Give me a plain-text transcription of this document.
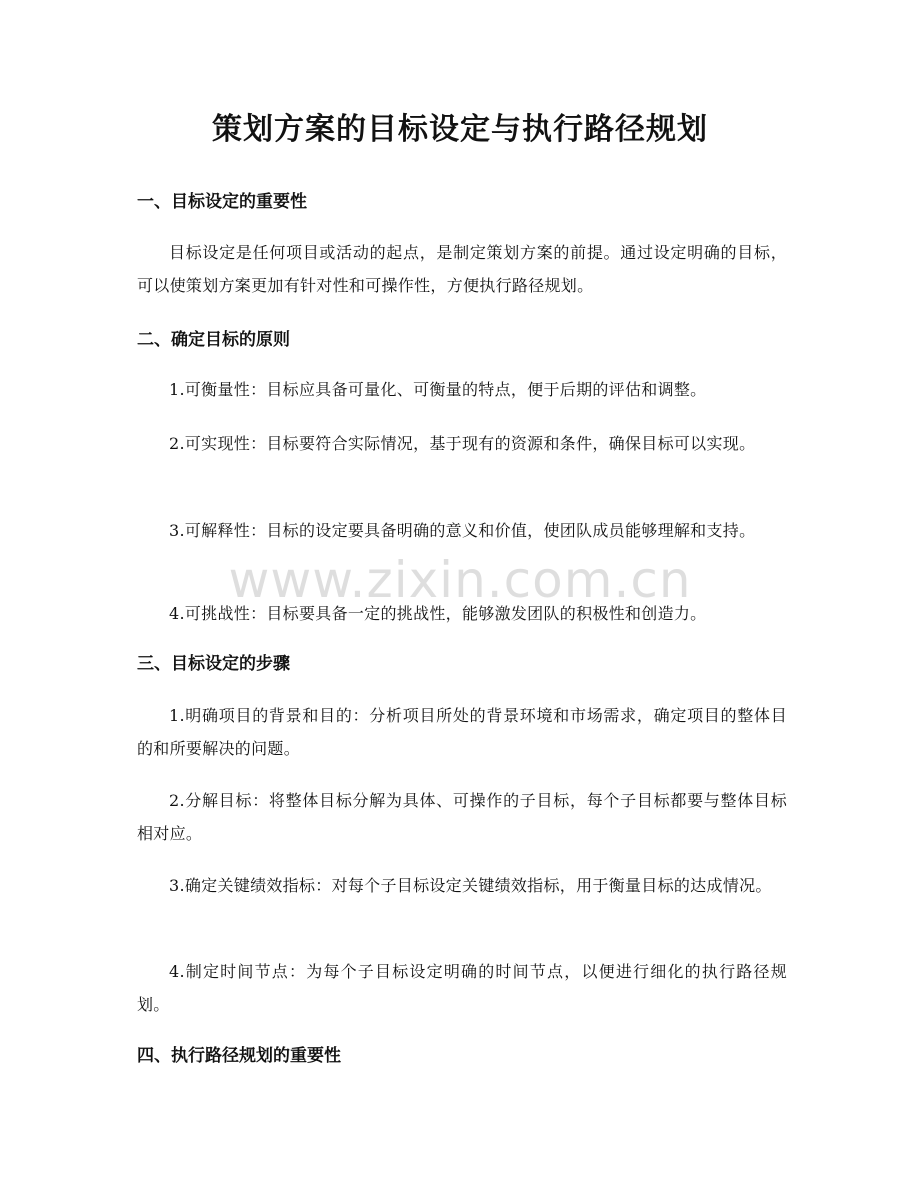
策划方案的目标设定与执行路径规划
一、目标设定的重要性

目标设定是任何项目或活动的起点，是制定策划方案的前提。通过设定明确的目标，可以使策划方案更加有针对性和可操作性，方便执行路径规划。

二、确定目标的原则

1.可衡量性：目标应具备可量化、可衡量的特点，便于后期的评估和调整。

2.可实现性：目标要符合实际情况，基于现有的资源和条件，确保目标可以实现。

3.可解释性：目标的设定要具备明确的意义和价值，使团队成员能够理解和支持。

4.可挑战性：目标要具备一定的挑战性，能够激发团队的积极性和创造力。

三、目标设定的步骤

1.明确项目的背景和目的：分析项目所处的背景环境和市场需求，确定项目的整体目的和所要解决的问题。

2.分解目标：将整体目标分解为具体、可操作的子目标，每个子目标都要与整体目标相对应。

3.确定关键绩效指标：对每个子目标设定关键绩效指标，用于衡量目标的达成情况。

4.制定时间节点：为每个子目标设定明确的时间节点，以便进行细化的执行路径规划。

四、执行路径规划的重要性
www.zixin.com.cn
